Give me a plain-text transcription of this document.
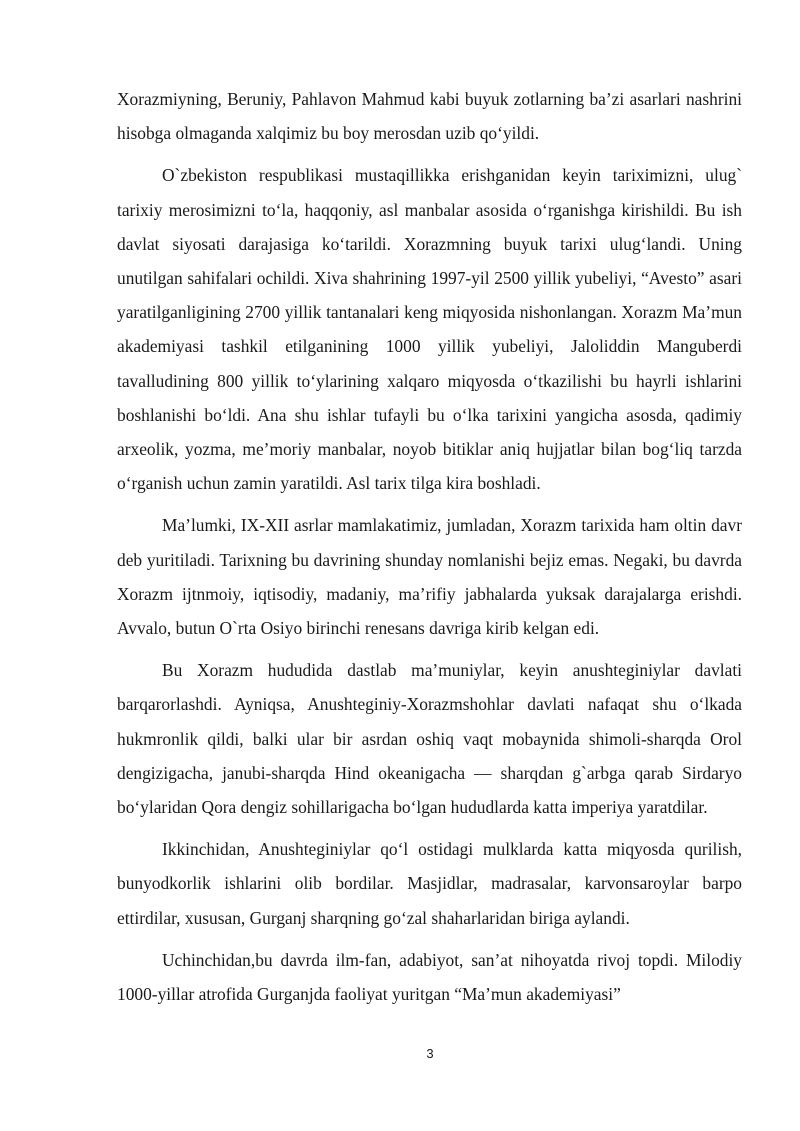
Xorazmiyning, Beruniy, Pahlavon Mahmud kabi buyuk zotlarning ba’zi asarlari nashrini hisobga olmaganda xalqimiz bu boy merosdan uzib qo‘yildi.

O`zbekiston respublikasi mustaqillikka erishganidan keyin tariximizni, ulug` tarixiy merosimizni to‘la, haqqoniy, asl manbalar asosida o‘rganishga kirishildi. Bu ish davlat siyosati darajasiga ko‘tarildi. Xorazmning buyuk tarixi ulug‘landi. Uning unutilgan sahifalari ochildi. Xiva shahrining 1997-yil 2500 yillik yubeliyi, “Avesto” asari yaratilganligining 2700 yillik tantanalari keng miqyosida nishonlangan. Xorazm Ma’mun akademiyasi tashkil etilganining 1000 yillik yubeliyi, Jaloliddin Manguberdi tavalludining 800 yillik to‘ylarining xalqaro miqyosda o‘tkazilishi bu hayrli ishlarini boshlanishi bo‘ldi. Ana shu ishlar tufayli bu o‘lka tarixini yangicha asosda, qadimiy arxeolik, yozma, me’moriy manbalar, noyob bitiklar aniq hujjatlar bilan bog‘liq tarzda o‘rganish uchun zamin yaratildi. Asl tarix tilga kira boshladi.

Ma’lumki, IX-XII asrlar mamlakatimiz, jumladan, Xorazm tarixida ham oltin davr deb yuritiladi. Tarixning bu davrining shunday nomlanishi bejiz emas. Negaki, bu davrda Xorazm ijtnmoiy, iqtisodiy, madaniy, ma’rifiy jabhalarda yuksak darajalarga erishdi. Avvalo, butun O`rta Osiyo birinchi renesans davriga kirib kelgan edi.

Bu Xorazm hududida dastlab ma’muniylar, keyin anushteginiylar davlati barqarorlashdi. Ayniqsa, Anushteginiy-Xorazmshohlar davlati nafaqat shu o‘lkada hukmronlik qildi, balki ular bir asrdan oshiq vaqt mobaynida shimoli-sharqda Orol dengizigacha, janubi-sharqda Hind okeanigacha — sharqdan g`arbga qarab Sirdaryo bo‘ylaridan Qora dengiz sohillarigacha bo‘lgan hududlarda katta imperiya yaratdilar.

Ikkinchidan, Anushteginiylar qo‘l ostidagi mulklarda katta miqyosda qurilish, bunyodkorlik ishlarini olib bordilar. Masjidlar, madrasalar, karvonsaroylar barpo ettirdilar, xususan, Gurganj sharqning go‘zal shaharlaridan biriga aylandi.

Uchinchidan,bu davrda ilm-fan, adabiyot, san’at nihoyatda rivoj topdi. Milodiy 1000-yillar atrofida Gurganjda faoliyat yuritgan “Ma’mun akademiyasi”

3
